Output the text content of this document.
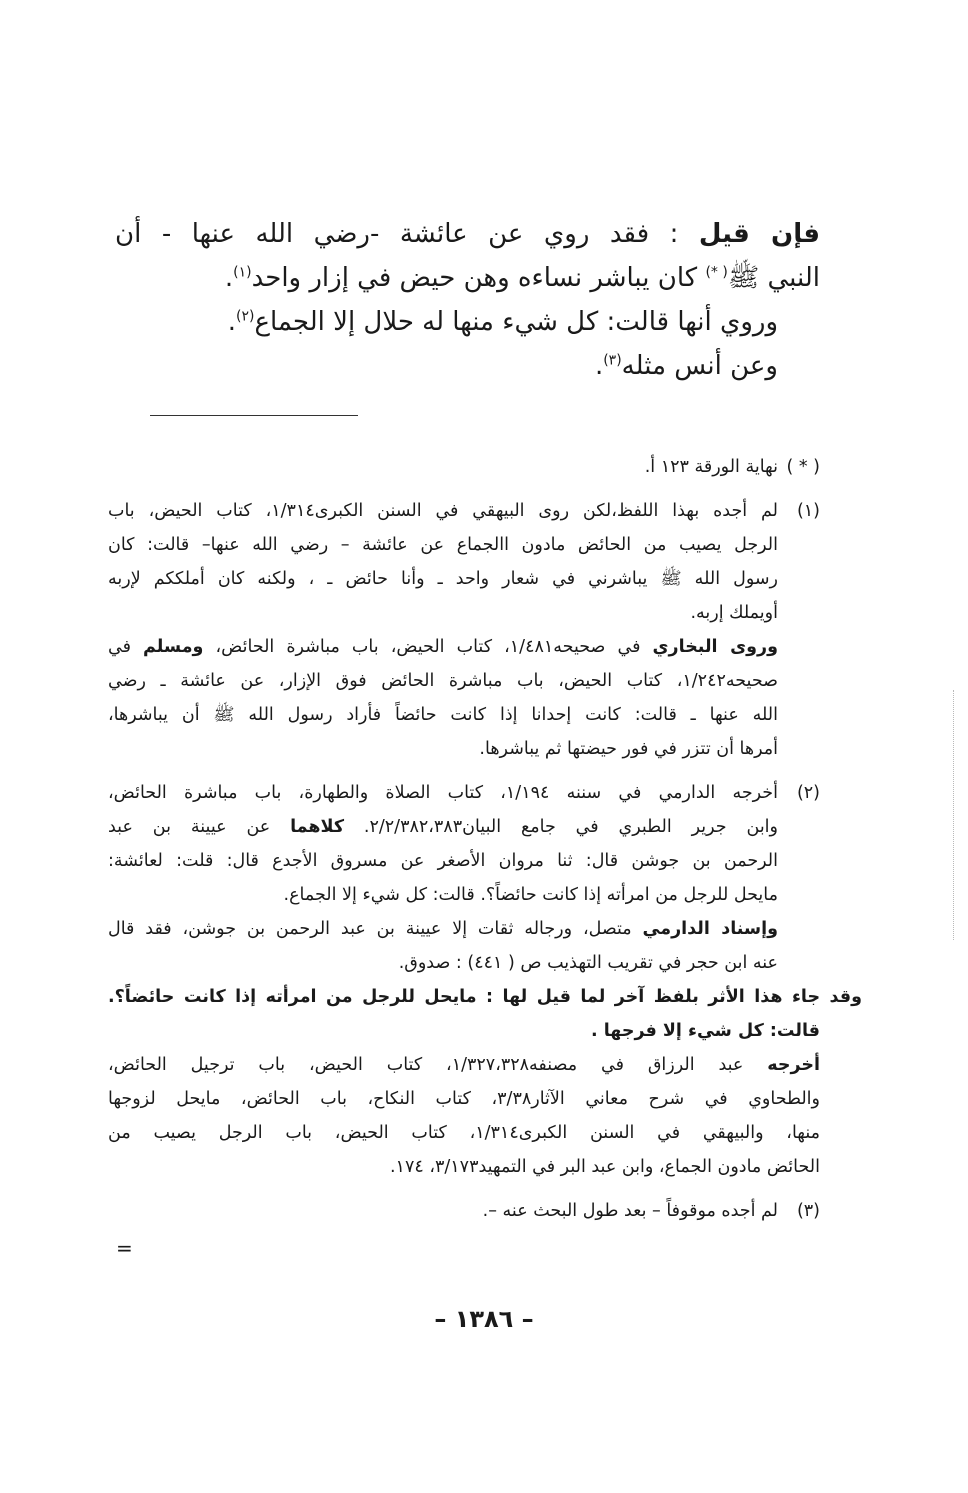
فإن قيل : فقد روي عن عائشة -رضي الله عنها - أن
النبي ﷺ( *) كان يباشر نساءه وهن حيض في إزار واحد$^{(١)}$.
وروي أنها قالت: كل شيء منها له حلال إلا الجماع$^{(٢)}$.
وعن أنس مثله$^{(٣)}$.
( * )
نهاية الورقة ١٢٣ أ.
(١)
لم أجده بهذا اللفظ،لكن روى البيهقي في السنن الكبرى١/٣١٤، كتاب الحيض، باب
الرجل يصيب من الحائض مادون االجماع عن عائشة – رضي الله عنها– قالت: كان
رسول الله ﷺ يباشرني في شعار واحد ـ وأنا حائض ـ ، ولكنه كان أملككم لإربه
أويملك إربه.
وروى البخاري في صحيحه١/٤٨١، كتاب الحيض، باب مباشرة الحائض، ومسلم في
صحيحه١/٢٤٢، كتاب الحيض، باب مباشرة الحائض فوق الإزار، عن عائشة ـ رضي
الله عنها ـ قالت: كانت إحدانا إذا كانت حائضاً فأراد رسول الله ﷺ أن يباشرها،
أمرها أن تتزر في فور حيضتها ثم يباشرها.
(٢)
أخرجه الدارمي في سننه ١/١٩٤، كتاب الصلاة والطهارة، باب مباشرة الحائض،
وابن جرير الطبري في جامع البيان٢/٢/٣٨٢،٣٨٣. كلاهما عن عيينة بن عبد
الرحمن بن جوشن قال: ثنا مروان الأصغر عن مسروق الأجدع قال: قلت: لعائشة:
مايحل للرجل من امرأته إذا كانت حائضاً؟. قالت: كل شيء إلا الجماع.
وإسناد الدارمي متصل، ورجاله ثقات إلا عيينة بن عبد الرحمن بن جوشن، فقد قال
عنه ابن حجر في تقريب التهذيب ص ( ٤٤١) : صدوق.
وقد جاء هذا الأثر بلفظ آخر لما قيل لها : مايحل للرجل من امرأته إذا كانت حائضاً؟.
قالت: كل شيء إلا فرجها .
أخرجه عبد الرزاق في مصنفه١/٣٢٧،٣٢٨، كتاب الحيض، باب ترجيل الحائض،
والطحاوي في شرح معاني الآثار٣/٣٨، كتاب النكاح، باب الحائض، مايحل لزوجها
منها، والبيهقي في السنن الكبرى١/٣١٤، كتاب الحيض، باب الرجل يصيب من
الحائض مادون الجماع، وابن عبد البر في التمهيد٣/١٧٣، ١٧٤.
(٣)
لم أجده موقوفاً – بعد طول البحث عنه –.
=
– ١٣٨٦ –
